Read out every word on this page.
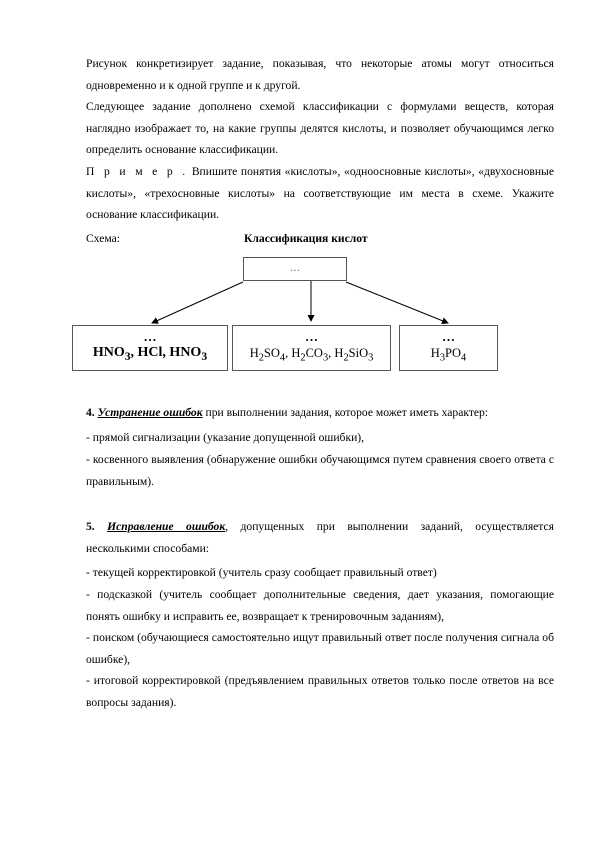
Рисунок конкретизирует задание, показывая, что некоторые атомы могут относиться одновременно и к одной группе и к другой.

Следующее задание дополнено схемой классификации с формулами веществ, которая наглядно изображает то, на какие группы делятся кислоты, и позволяет обучающимся легко определить основание классификации.

П р и м е р . Впишите понятия «кислоты», «одноосновные кислоты», «двухосновные кислоты», «трехосновные кислоты» на соответствующие им места в схеме. Укажите основание классификации.

Схема:	Классификация кислот
…
…
$HNO_3$, HCl, $HNO_3$
…
$H_2SO_4$, $H_2CO_3$, $H_2SiO_3$
…
$H_3PO_4$

4. Устранение ошибок при выполнении задания, которое может иметь характер:

- прямой сигнализации (указание допущенной ошибки),

- косвенного выявления (обнаружение ошибки обучающимся путем сравнения своего ответа с правильным).

5. Исправление ошибок, допущенных при выполнении заданий, осуществляется несколькими способами:

- текущей корректировкой (учитель сразу сообщает правильный ответ)

- подсказкой (учитель сообщает дополнительные сведения, дает указания, помогающие понять ошибку и исправить ее, возвращает к тренировочным заданиям),

- поиском (обучающиеся самостоятельно ищут правильный ответ после получения сигнала об ошибке),

- итоговой корректировкой (предъявлением правильных ответов только после ответов на все вопросы задания).
